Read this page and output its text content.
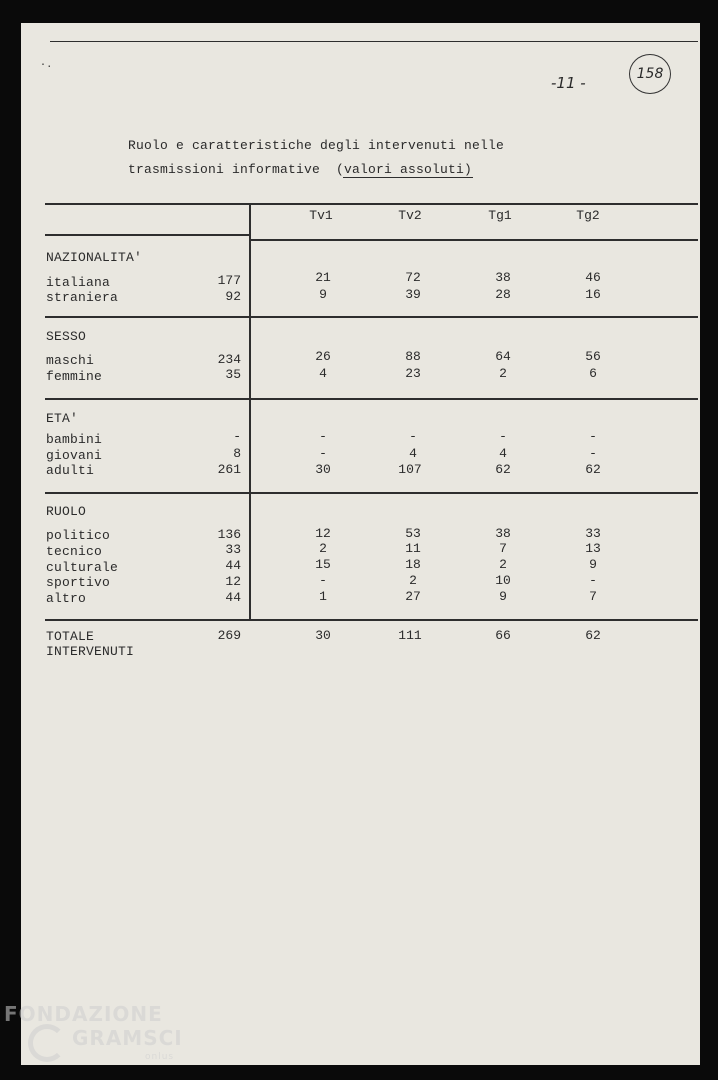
·.
-11 -	158
Ruolo e caratteristiche degli intervenuti nelle
trasmissioni informative  (valori assoluti)
Tv1	Tv2	Tg1	Tg2
NAZIONALITA'
italiana	177	21	72	38	46
straniera	92	9	39	28	16
SESSO
maschi	234	26	88	64	56
femmine	35	4	23	2	6
ETA'
bambini	-	-	-	-	-
giovani	8	-	4	4	-
adulti	261	30	107	62	62
RUOLO
politico	136	12	53	38	33
tecnico	33	2	11	7	13
culturale	44	15	18	2	9
sportivo	12	-	2	10	-
altro	44	1	27	9	7
TOTALE
INTERVENUTI
269	30	111	66	62
FONDAZIONE
GRAMSCI
onlus
